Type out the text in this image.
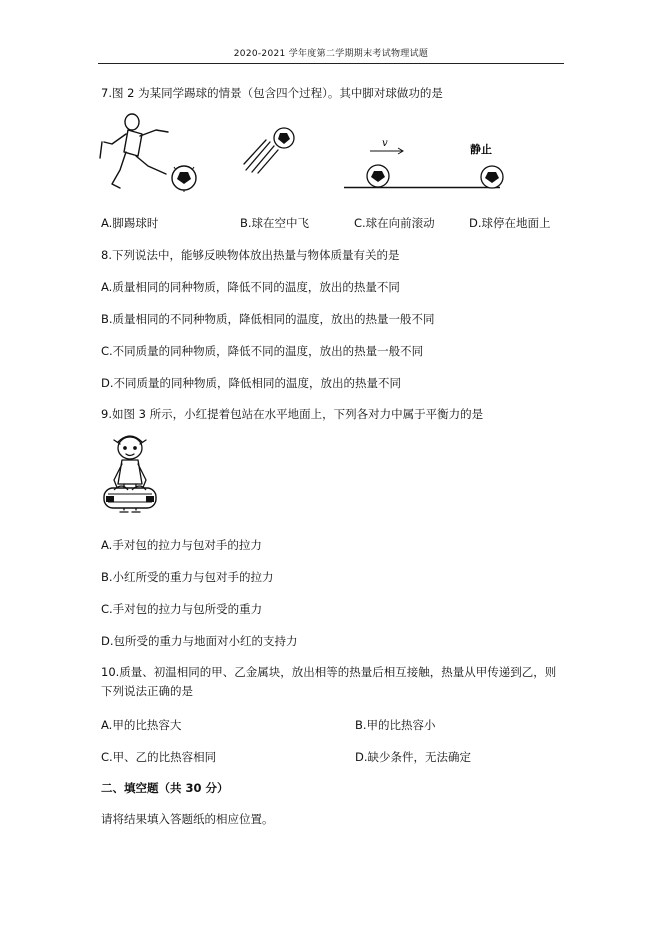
2020-2021 学年度第二学期期末考试物理试题
7.图 2 为某同学踢球的情景（包含四个过程）。其中脚对球做功的是
v	静止
A.脚踢球时	B.球在空中飞	C.球在向前滚动	D.球停在地面上
8.下列说法中，能够反映物体放出热量与物体质量有关的是
A.质量相同的同种物质，降低不同的温度，放出的热量不同
B.质量相同的不同种物质，降低相同的温度，放出的热量一般不同
C.不同质量的同种物质，降低不同的温度，放出的热量一般不同
D.不同质量的同种物质，降低相同的温度，放出的热量不同
9.如图 3 所示，小红提着包站在水平地面上，下列各对力中属于平衡力的是
A.手对包的拉力与包对手的拉力
B.小红所受的重力与包对手的拉力
C.手对包的拉力与包所受的重力
D.包所受的重力与地面对小红的支持力
10.质量、初温相同的甲、乙金属块，放出相等的热量后相互接触，热量从甲传递到乙，则
下列说法正确的是
A.甲的比热容大	B.甲的比热容小
C.甲、乙的比热容相同	D.缺少条件，无法确定
二、填空题（共 30 分）
请将结果填入答题纸的相应位置。
